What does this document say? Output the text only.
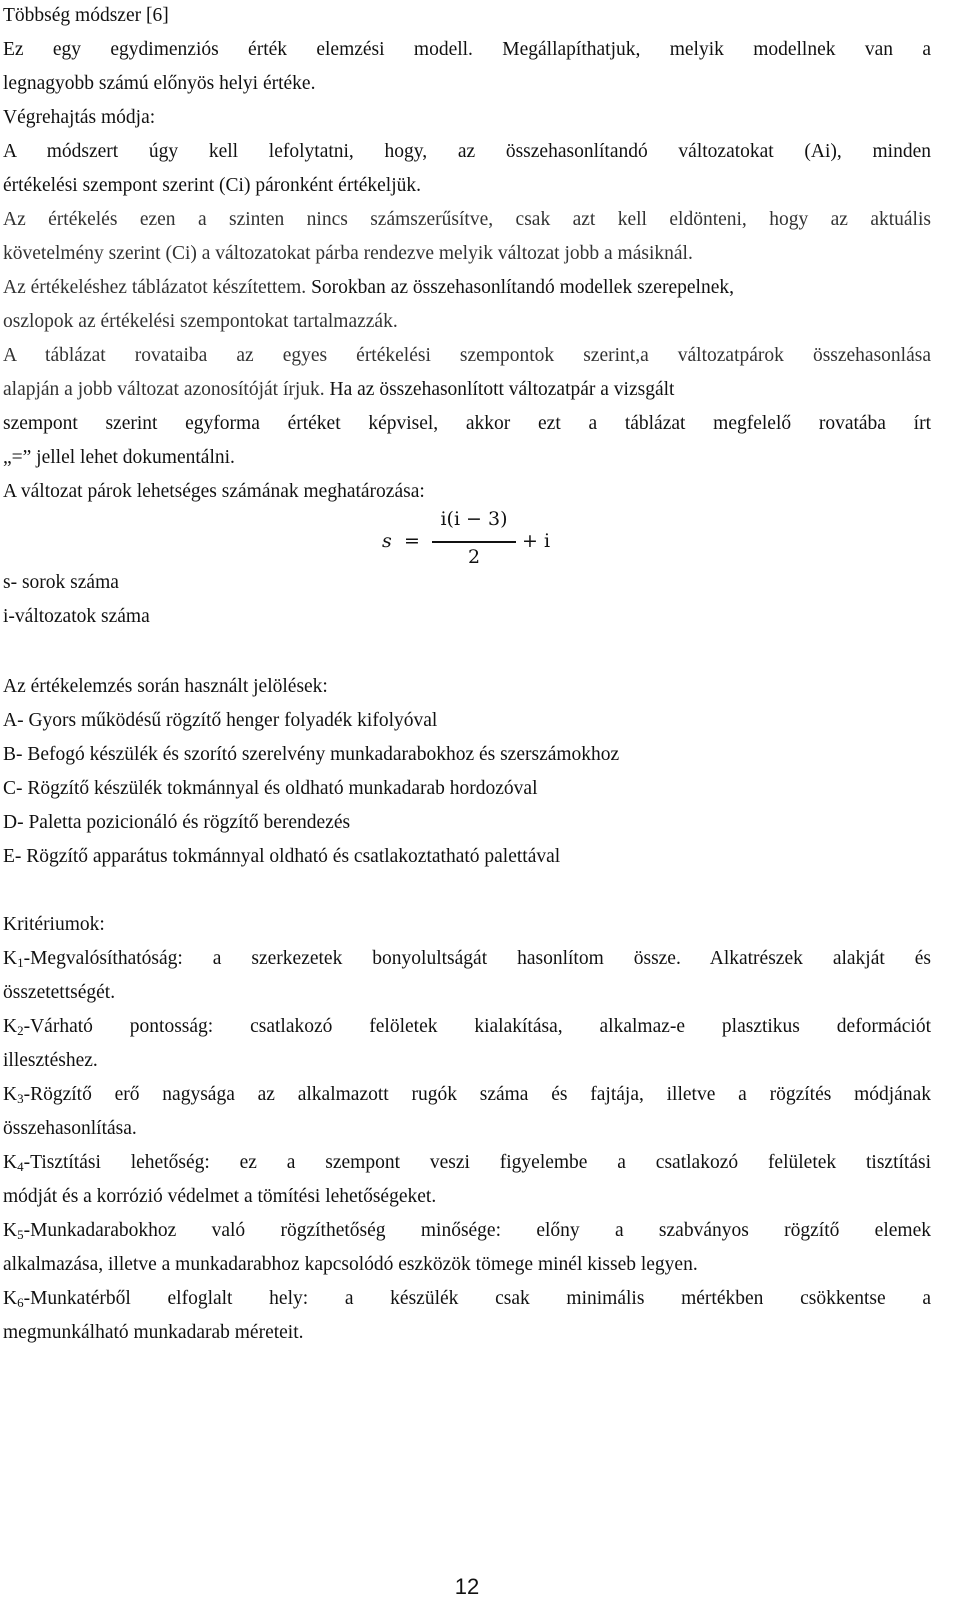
Többség módszer [6]
Ez egy egydimenziós érték elemzési modell. Megállapíthatjuk, melyik modellnek van a
legnagyobb számú előnyös helyi értéke.
Végrehajtás módja:
A módszert úgy kell lefolytatni, hogy, az összehasonlítandó változatokat (Ai), minden
értékelési szempont szerint (Ci) páronként értékeljük.
Az értékelés ezen a szinten nincs számszerűsítve, csak azt kell eldönteni, hogy az aktuális
követelmény szerint (Ci) a változatokat párba rendezve melyik változat jobb a másiknál.
Az értékeléshez táblázatot készítettem. Sorokban az összehasonlítandó modellek szerepelnek,
oszlopok az értékelési szempontokat tartalmazzák.
A táblázat rovataiba az egyes értékelési szempontok szerint,a változatpárok összehasonlása
alapján a jobb változat azonosítóját írjuk. Ha az összehasonlított változatpár a vizsgált
szempont szerint egyforma értéket képvisel, akkor ezt a táblázat megfelelő rovatába írt
„=” jellel lehet dokumentálni.
A változat párok lehetséges számának meghatározása:
s =
i(i − 3)
2
+ i
s- sorok száma
i-változatok száma
Az értékelemzés során használt jelölések:
A- Gyors működésű rögzítő henger folyadék kifolyóval
B- Befogó készülék és szorító szerelvény munkadarabokhoz és szerszámokhoz
C- Rögzítő készülék tokmánnyal és oldható munkadarab hordozóval
D- Paletta pozicionáló és rögzítő berendezés
E- Rögzítő apparátus tokmánnyal oldható és csatlakoztatható palettával
Kritériumok:
$K_1$-Megvalósíthatóság: a szerkezetek bonyolultságát hasonlítom össze. Alkatrészek alakját és
összetettségét.
$K_2$-Várható pontosság: csatlakozó felöletek kialakítása, alkalmaz-e plasztikus deformációt
illesztéshez.
$K_3$-Rögzítő erő nagysága az alkalmazott rugók száma és fajtája, illetve a rögzítés módjának
összehasonlítása.
$K_4$-Tisztítási lehetőség: ez a szempont veszi figyelembe a csatlakozó felületek tisztítási
módját és a korrózió védelmet a tömítési lehetőségeket.
$K_5$-Munkadarabokhoz való rögzíthetőség minősége: előny a szabványos rögzítő elemek
alkalmazása, illetve a munkadarabhoz kapcsolódó eszközök tömege minél kisseb legyen.
$K_6$-Munkatérből elfoglalt hely: a készülék csak minimális mértékben csökkentse a
megmunkálható munkadarab méreteit.
12
